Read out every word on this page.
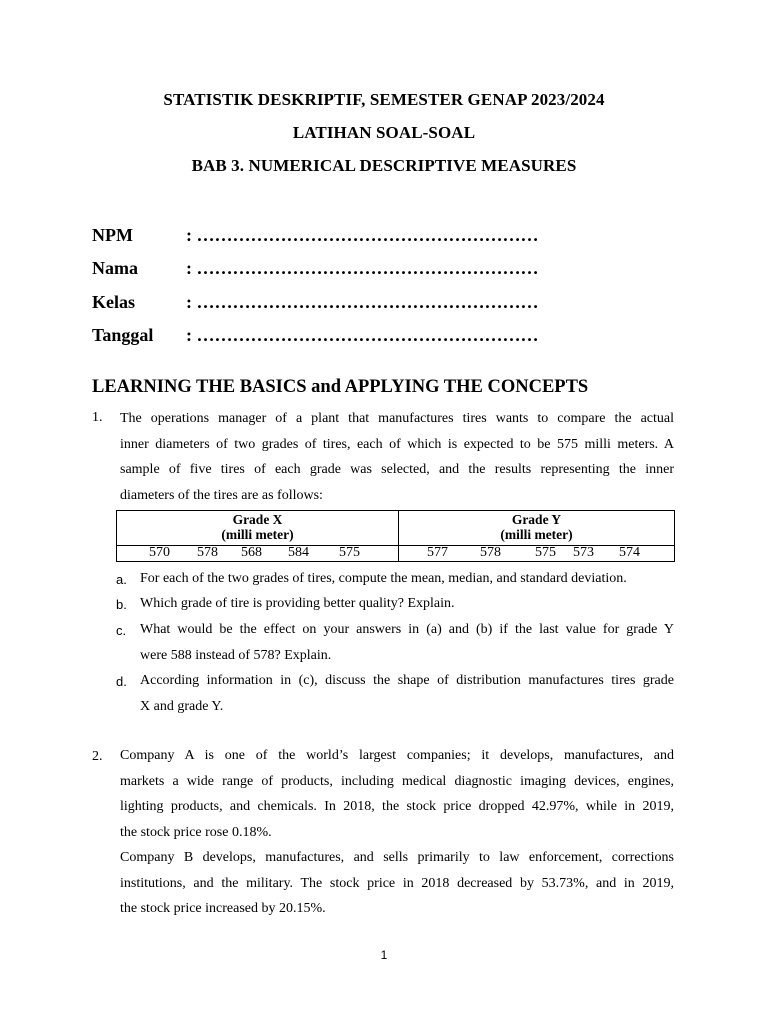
STATISTIK DESKRIPTIF, SEMESTER GENAP 2023/2024
LATIHAN SOAL-SOAL
BAB 3. NUMERICAL DESCRIPTIVE MEASURES
NPM	: …………………………………………………
Nama	: …………………………………………………
Kelas	: …………………………………………………
Tanggal : …………………………………………………
LEARNING THE BASICS and APPLYING THE CONCEPTS
1. The operations manager of a plant that manufactures tires wants to compare the actual
inner diameters of two grades of tires, each of which is expected to be 575 milli meters. A
sample of five tires of each grade was selected, and the results representing the inner
diameters of the tires are as follows:
Grade X
(milli meter)
570 578 568 584 575
Grade Y
(milli meter)
577 578 575 573 574
a. For each of the two grades of tires, compute the mean, median, and standard deviation.
b. Which grade of tire is providing better quality? Explain.
c. What would be the effect on your answers in (a) and (b) if the last value for grade Y
were 588 instead of 578? Explain.
d. According information in (c), discuss the shape of distribution manufactures tires grade
X and grade Y.
2. Company A is one of the world’s largest companies; it develops, manufactures, and
markets a wide range of products, including medical diagnostic imaging devices, engines,
lighting products, and chemicals. In 2018, the stock price dropped 42.97%, while in 2019,
the stock price rose 0.18%.
Company B develops, manufactures, and sells primarily to law enforcement, corrections
institutions, and the military. The stock price in 2018 decreased by 53.73%, and in 2019,
the stock price increased by 20.15%.
1
